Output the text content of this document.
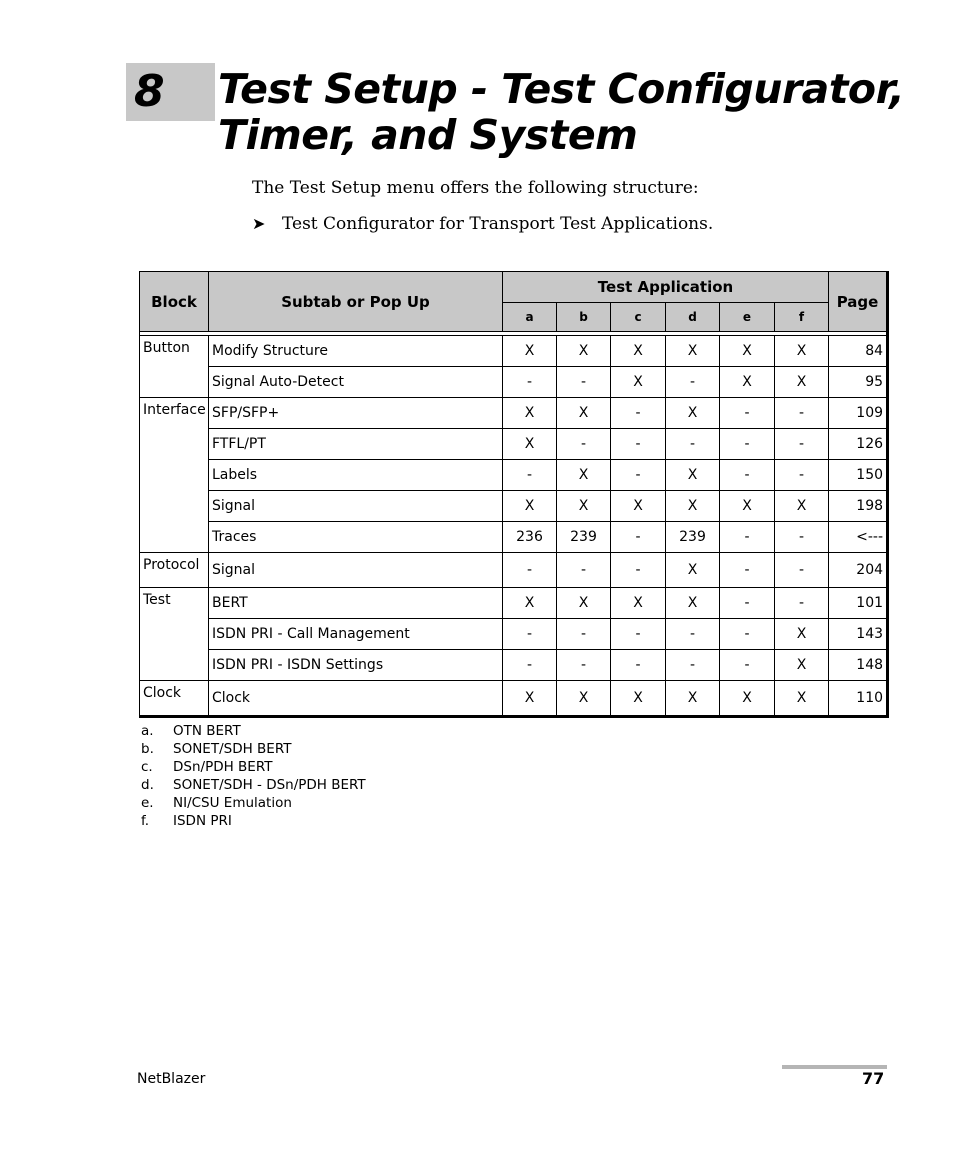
8 Test Setup - Test Configurator, Timer, and System

The Test Setup menu offers the following structure:

➤ Test Configurator for Transport Test Applications.
Block	Subtab or Pop Up	Test Application						Page
		a	b	c	d	e	f	

Button	Modify Structure	X	X	X	X	X	X	84
	Signal Auto-Detect	-	-	X	-	X	X	95
Interface	SFP/SFP+	X	X	-	X	-	-	109
	FTFL/PT	X	-	-	-	-	-	126
	Labels	-	X	-	X	-	-	150
	Signal	X	X	X	X	X	X	198
	Traces	236	239	-	239	-	-	<---
Protocol	Signal	-	-	-	X	-	-	204
Test	BERT	X	X	X	X	-	-	101
	ISDN PRI - Call Management	-	-	-	-	-	X	143
	ISDN PRI - ISDN Settings	-	-	-	-	-	X	148
Clock	Clock	X	X	X	X	X	X	110
a.	OTN BERT
b.	SONET/SDH BERT
c.	DSn/PDH BERT
d.	SONET/SDH - DSn/PDH BERT
e.	NI/CSU Emulation
f.	ISDN PRI
NetBlazer	77
